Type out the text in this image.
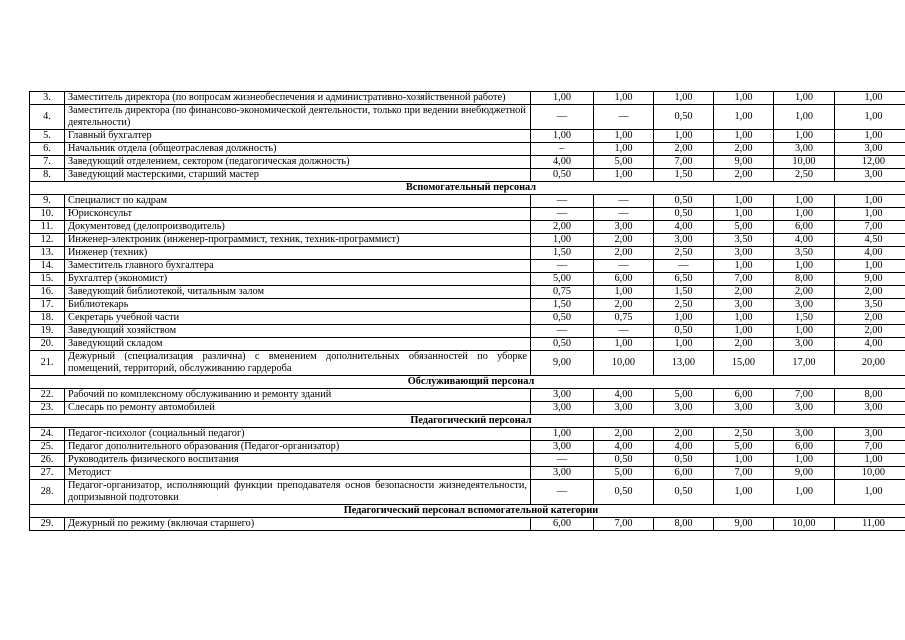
3.	Заместитель директора (по вопросам жизнеобеспечения и административно-хозяйственной работе)	1,00	1,00	1,00	1,00	1,00	1,00
4.	Заместитель директора (по финансово-экономической деятельности, только при ведении внебюджетной деятельности)	—	—	0,50	1,00	1,00	1,00
5.	Главный бухгалтер	1,00	1,00	1,00	1,00	1,00	1,00
6.	Начальник отдела (общеотраслевая должность)	–	1,00	2,00	2,00	3,00	3,00
7.	Заведующий отделением, сектором (педагогическая должность)	4,00	5,00	7,00	9,00	10,00	12,00
8.	Заведующий мастерскими, старший мастер	0,50	1,00	1,50	2,00	2,50	3,00
Вспомогательный персонал							
9.	Специалист по кадрам	—	—	0,50	1,00	1,00	1,00
10.	Юрисконсульт	—	—	0,50	1,00	1,00	1,00
11.	Документовед (делопроизводитель)	2,00	3,00	4,00	5,00	6,00	7,00
12.	Инженер-электроник (инженер-программист, техник, техник-программист)	1,00	2,00	3,00	3,50	4,00	4,50
13.	Инженер (техник)	1,50	2,00	2,50	3,00	3,50	4,00
14.	Заместитель главного бухгалтера	—	—	—	1,00	1,00	1,00
15.	Бухгалтер (экономист)	5,00	6,00	6,50	7,00	8,00	9,00
16.	Заведующий библиотекой, читальным залом	0,75	1,00	1,50	2,00	2,00	2,00
17.	Библиотекарь	1,50	2,00	2,50	3,00	3,00	3,50
18.	Секретарь учебной части	0,50	0,75	1,00	1,00	1,50	2,00
19.	Заведующий хозяйством	—	—	0,50	1,00	1,00	2,00
20.	Заведующий складом	0,50	1,00	1,00	2,00	3,00	4,00
21.	Дежурный (специализация различна) с вменением дополнительных обязанностей по уборке помещений, территорий, обслуживанию гардероба	9,00	10,00	13,00	15,00	17,00	20,00
Обслуживающий персонал							
22.	Рабочий по комплексному обслуживанию и ремонту зданий	3,00	4,00	5,00	6,00	7,00	8,00
23.	Слесарь по ремонту автомобилей	3,00	3,00	3,00	3,00	3,00	3,00
Педагогический персонал							
24.	Педагог-психолог (социальный педагог)	1,00	2,00	2,00	2,50	3,00	3,00
25.	Педагог дополнительного образования (Педагог-организатор)	3,00	4,00	4,00	5,00	6,00	7,00
26.	Руководитель физического воспитания	—	0,50	0,50	1,00	1,00	1,00
27.	Методист	3,00	5,00	6,00	7,00	9,00	10,00
28.	Педагог-организатор, исполняющий функции преподавателя основ безопасности жизнедеятельности, допризывной подготовки	—	0,50	0,50	1,00	1,00	1,00
Педагогический персонал вспомогательной категории							
29.	Дежурный по режиму (включая старшего)	6,00	7,00	8,00	9,00	10,00	11,00
